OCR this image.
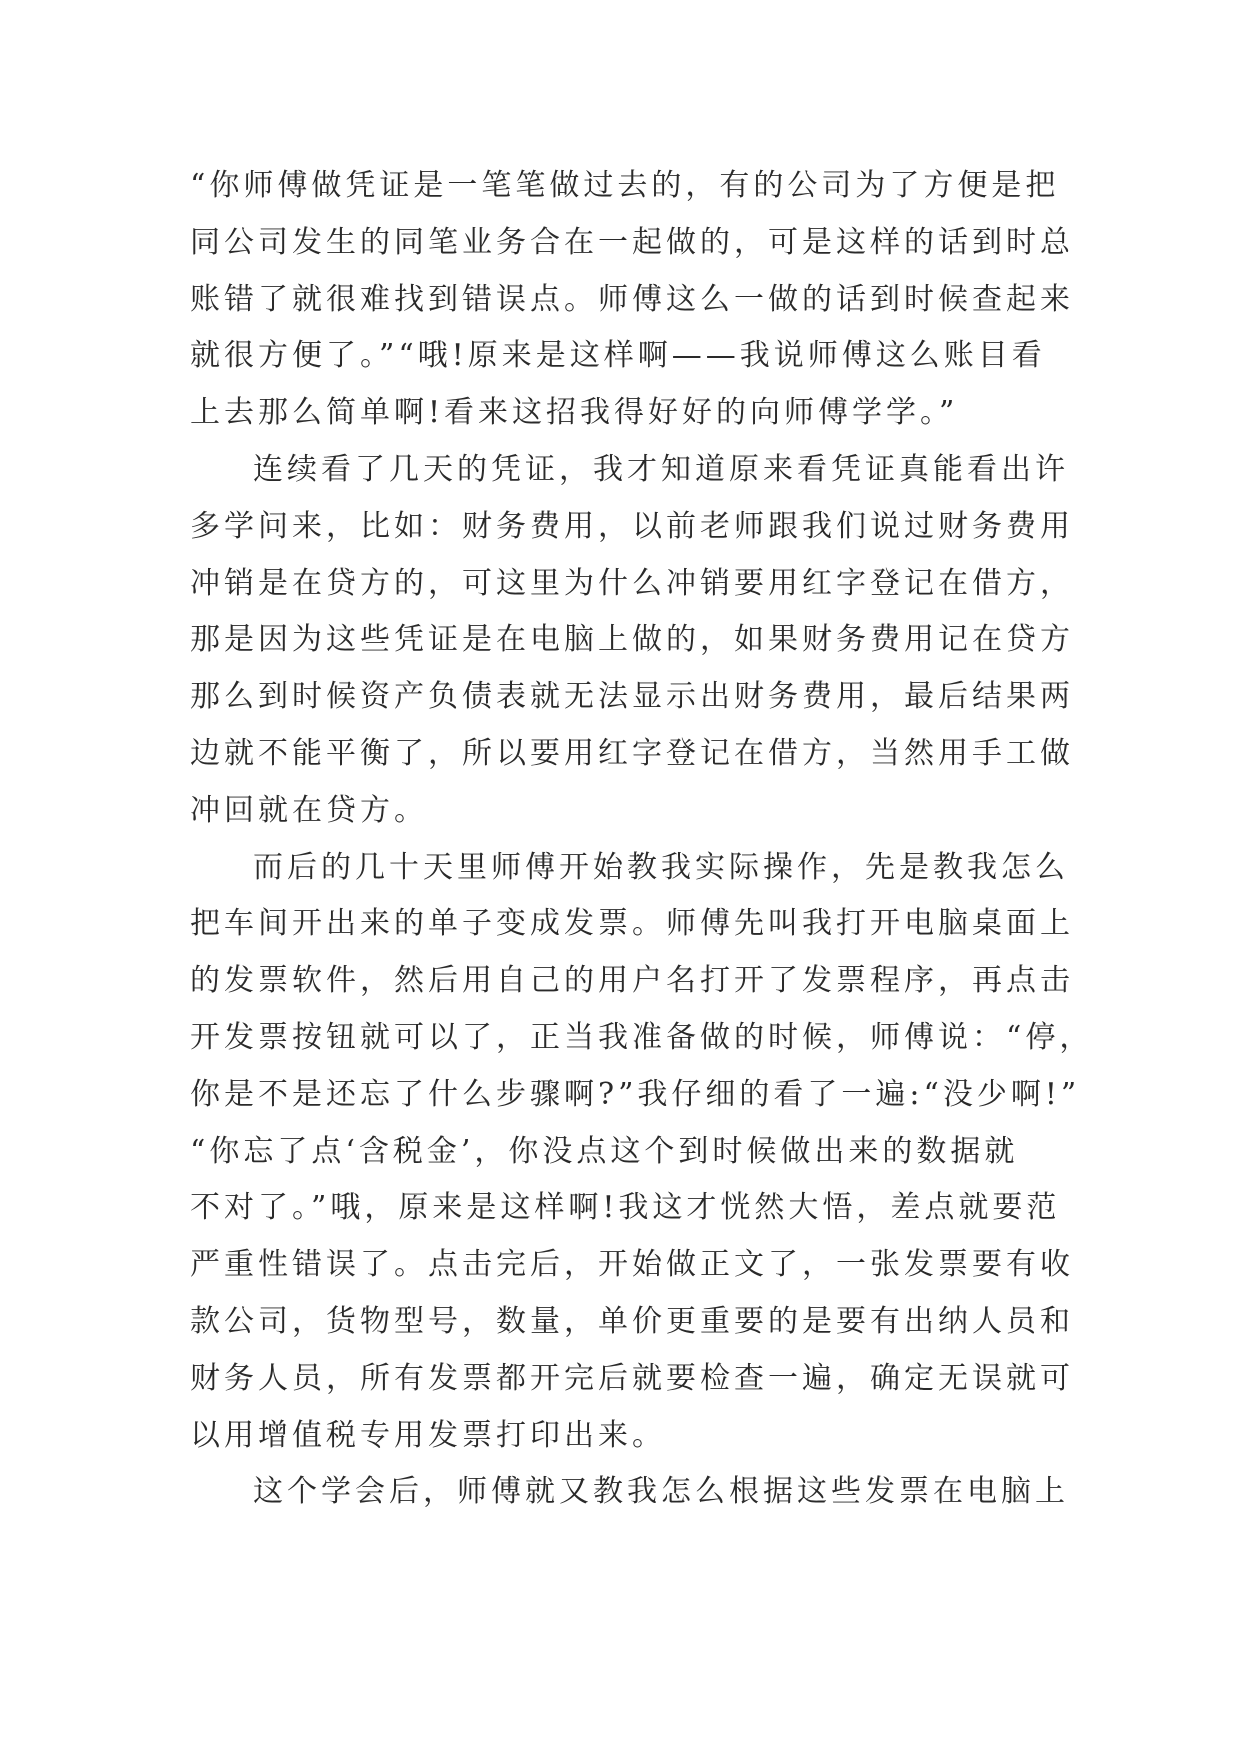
“你师傅做凭证是一笔笔做过去的，有的公司为了方便是把
同公司发生的同笔业务合在一起做的，可是这样的话到时总
账错了就很难找到错误点。师傅这么一做的话到时候查起来
就很方便了。”“哦!原来是这样啊——我说师傅这么账目看
上去那么简单啊!看来这招我得好好的向师傅学学。”
连续看了几天的凭证，我才知道原来看凭证真能看出许
多学问来，比如：财务费用，以前老师跟我们说过财务费用
冲销是在贷方的，可这里为什么冲销要用红字登记在借方，
那是因为这些凭证是在电脑上做的，如果财务费用记在贷方
那么到时候资产负债表就无法显示出财务费用，最后结果两
边就不能平衡了，所以要用红字登记在借方，当然用手工做
冲回就在贷方。
而后的几十天里师傅开始教我实际操作，先是教我怎么
把车间开出来的单子变成发票。师傅先叫我打开电脑桌面上
的发票软件，然后用自己的用户名打开了发票程序，再点击
开发票按钮就可以了，正当我准备做的时候，师傅说：“停，
你是不是还忘了什么步骤啊?”我仔细的看了一遍:“没少啊!”
“你忘了点‘含税金’，你没点这个到时候做出来的数据就
不对了。”哦，原来是这样啊!我这才恍然大悟，差点就要范
严重性错误了。点击完后，开始做正文了，一张发票要有收
款公司，货物型号，数量，单价更重要的是要有出纳人员和
财务人员，所有发票都开完后就要检查一遍，确定无误就可
以用增值税专用发票打印出来。
这个学会后，师傅就又教我怎么根据这些发票在电脑上
